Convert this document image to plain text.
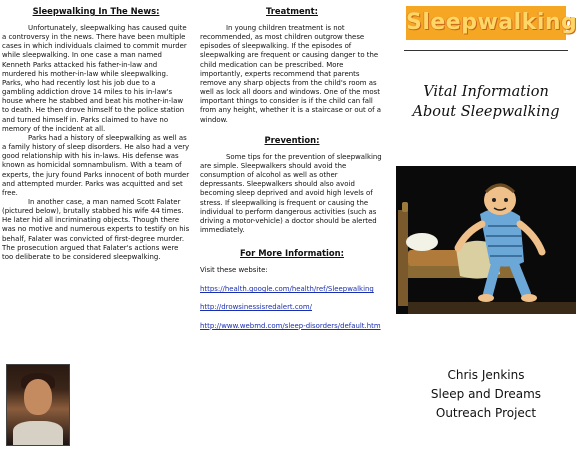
Sleepwalking In The News:

Unfortunately, sleepwalking has caused quite a controversy in the news. There have been multiple cases in which individuals claimed to commit murder while sleepwalking. In one case a man named Kenneth Parks attacked his father-in-law and murdered his mother-in-law while sleepwalking. Parks, who had recently lost his job due to a gambling addiction drove 14 miles to his in-law's house where he stabbed and beat his mother-in-law to death. He then drove himself to the police station and turned himself in. Parks claimed to have no memory of the incident at all.

Parks had a history of sleepwalking as well as a family history of sleep disorders. He also had a very good relationship with his in-laws. His defense was known as homicidal somnambulism. With a team of experts, the jury found Parks innocent of both murder and attempted murder. Parks was acquitted and set free.

In another case, a man named Scott Falater (pictured below), brutally stabbed his wife 44 times. He later hid all incriminating objects. Though there was no motive and numerous experts to testify on his behalf, Falater was convicted of first-degree murder. The prosecution argued that Falater's actions were too deliberate to be considered sleepwalking.

Treatment:

In young children treatment is not recommended, as most children outgrow these episodes of sleepwalking. If the episodes of sleepwalking are frequent or causing danger to the child medication can be prescribed. More importantly, experts recommend that parents remove any sharp objects from the child's room as well as lock all doors and windows. One of the most important things to consider is if the child can fall from any height, whether it is a staircase or out of a window.

Prevention:

Some tips for the prevention of sleepwalking are simple. Sleepwalkers should avoid the consumption of alcohol as well as other depressants. Sleepwalkers should also avoid becoming sleep deprived and avoid high levels of stress. If sleepwalking is frequent or causing the individual to perform dangerous activities (such as driving a motor-vehicle) a doctor should be alerted immediately.

For More Information:
Visit these website:
https://health.google.com/health/ref/Sleepwalking
http://drowsinessisredalert.com/
http://www.webmd.com/sleep-disorders/default.htm
Sleepwalking
Vital Information
About Sleepwalking
Chris Jenkins
Sleep and Dreams
Outreach Project
